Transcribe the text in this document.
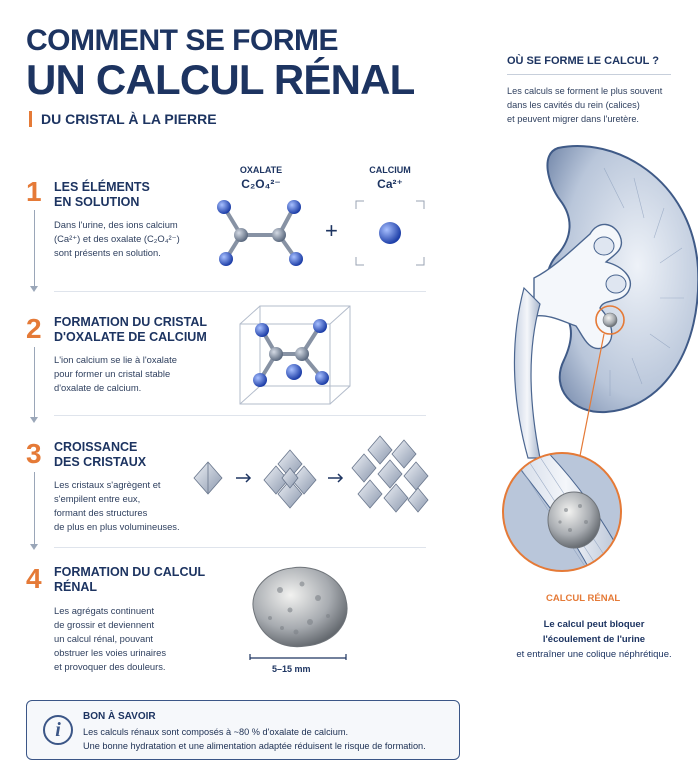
COMMENT SE FORME
UN CALCUL RÉNAL
DU CRISTAL À LA PIERRE
1 LES ÉLÉMENTS
EN SOLUTION
Dans l'urine, des ions calcium
(Ca²⁺) et des oxalate (C₂O₄²⁻)
sont présents en solution.
2 FORMATION DU CRISTAL
D'OXALATE DE CALCIUM
L'ion calcium se lie à l'oxalate
pour former un cristal stable
d'oxalate de calcium.
3 CROISSANCE
DES CRISTAUX
Les cristaux s'agrègent et
s'empilent entre eux,
formant des structures
de plus en plus volumineuses.
4 FORMATION DU CALCUL
RÉNAL
Les agrégats continuent
de grossir et deviennent
un calcul rénal, pouvant
obstruer les voies urinaires
et provoquer des douleurs.
OXALATE
C₂O₄²⁻
CALCIUM
Ca²⁺
+
5–15 mm
i
BON À SAVOIR
Les calculs rénaux sont composés à ~80 % d'oxalate de calcium.
Une bonne hydratation et une alimentation adaptée réduisent le risque de formation.
OÙ SE FORME LE CALCUL ?
Les calculs se forment le plus souvent
dans les cavités du rein (calices)
et peuvent migrer dans l'uretère.
CALCUL RÉNAL
Le calcul peut bloquer
l'écoulement de l'urine
et entraîner une colique néphrétique.
